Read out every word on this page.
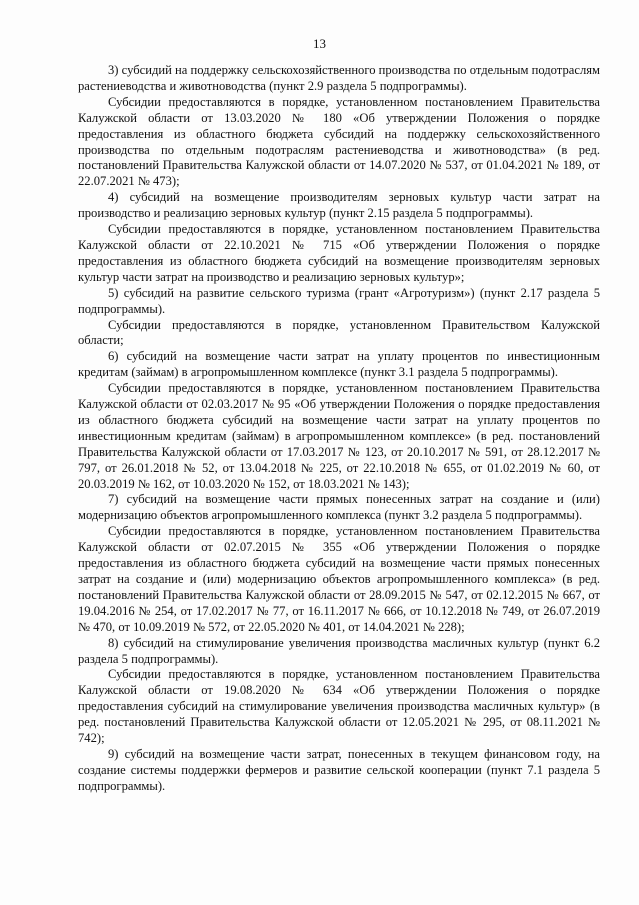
13

3) субсидий на поддержку сельскохозяйственного производства по отдельным подотраслям растениеводства и животноводства (пункт 2.9 раздела 5 подпрограммы).

Субсидии предоставляются в порядке, установленном постановлением Правительства Калужской области от 13.03.2020 № 180 «Об утверждении Положения о порядке предоставления из областного бюджета субсидий на поддержку сельскохозяйственного производства по отдельным подотраслям растениеводства и животноводства» (в ред. постановлений Правительства Калужской области от 14.07.2020 № 537, от 01.04.2021 № 189, от 22.07.2021 № 473);

4) субсидий на возмещение производителям зерновых культур части затрат на производство и реализацию зерновых культур (пункт 2.15 раздела 5 подпрограммы).

Субсидии предоставляются в порядке, установленном постановлением Правительства Калужской области от 22.10.2021 № 715 «Об утверждении Положения о порядке предоставления из областного бюджета субсидий на возмещение производителям зерновых культур части затрат на производство и реализацию зерновых культур»;

5) субсидий на развитие сельского туризма (грант «Агротуризм») (пункт 2.17 раздела 5 подпрограммы).

Субсидии предоставляются в порядке, установленном Правительством Калужской области;

6) субсидий на возмещение части затрат на уплату процентов по инвестиционным кредитам (займам) в агропромышленном комплексе (пункт 3.1 раздела 5 подпрограммы).

Субсидии предоставляются в порядке, установленном постановлением Правительства Калужской области от 02.03.2017 № 95 «Об утверждении Положения о порядке предоставления из областного бюджета субсидий на возмещение части затрат на уплату процентов по инвестиционным кредитам (займам) в агропромышленном комплексе» (в ред. постановлений Правительства Калужской области от 17.03.2017 № 123, от 20.10.2017 № 591, от 28.12.2017 № 797, от 26.01.2018 № 52, от 13.04.2018 № 225, от 22.10.2018 № 655, от 01.02.2019 № 60, от 20.03.2019 № 162, от 10.03.2020 № 152, от 18.03.2021 № 143);

7) субсидий на возмещение части прямых понесенных затрат на создание и (или) модернизацию объектов агропромышленного комплекса (пункт 3.2 раздела 5 подпрограммы).

Субсидии предоставляются в порядке, установленном постановлением Правительства Калужской области от 02.07.2015 № 355 «Об утверждении Положения о порядке предоставления из областного бюджета субсидий на возмещение части прямых понесенных затрат на создание и (или) модернизацию объектов агропромышленного комплекса» (в ред. постановлений Правительства Калужской области от 28.09.2015 № 547, от 02.12.2015 № 667, от 19.04.2016 № 254, от 17.02.2017 № 77, от 16.11.2017 № 666, от 10.12.2018 № 749, от 26.07.2019 № 470, от 10.09.2019 № 572, от 22.05.2020 № 401, от 14.04.2021 № 228);

8) субсидий на стимулирование увеличения производства масличных культур (пункт 6.2 раздела 5 подпрограммы).

Субсидии предоставляются в порядке, установленном постановлением Правительства Калужской области от 19.08.2020 № 634 «Об утверждении Положения о порядке предоставления субсидий на стимулирование увеличения производства масличных культур» (в ред. постановлений Правительства Калужской области от 12.05.2021 № 295, от 08.11.2021 № 742);

9) субсидий на возмещение части затрат, понесенных в текущем финансовом году, на создание системы поддержки фермеров и развитие сельской кооперации (пункт 7.1 раздела 5 подпрограммы).
